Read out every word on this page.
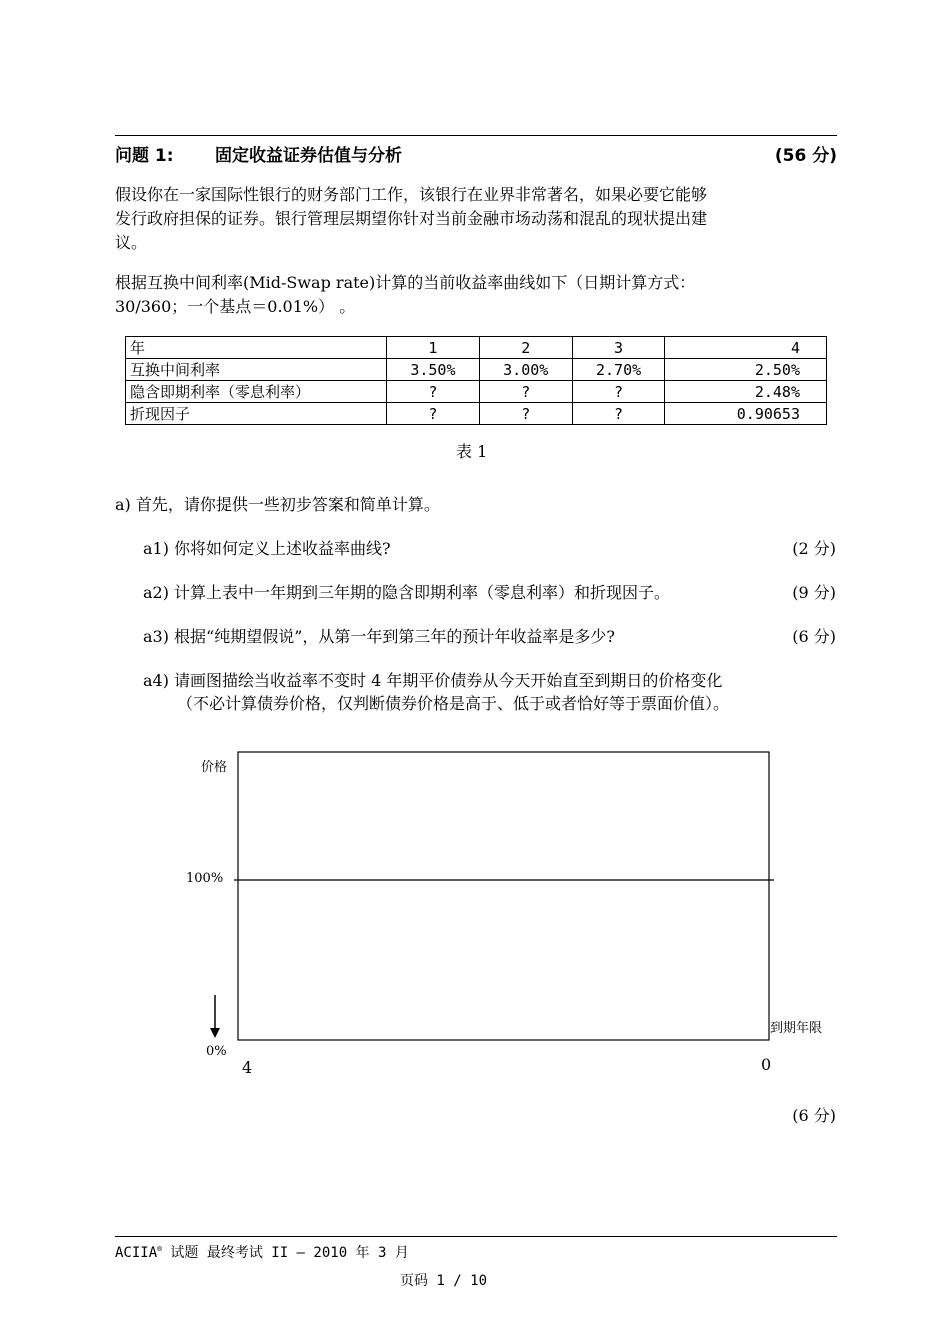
问题 1: 固定收益证券估值与分析	(56 分)
假设你在一家国际性银行的财务部门工作，该银行在业界非常著名，如果必要它能够
发行政府担保的证券。银行管理层期望你针对当前金融市场动荡和混乱的现状提出建
议。
根据互换中间利率(Mid-Swap rate)计算的当前收益率曲线如下（日期计算方式：
30/360；一个基点＝0.01%） 。
年	1	2	3	4
互换中间利率	3.50%	3.00%	2.70%	2.50%
隐含即期利率（零息利率）	?	?	?	2.48%
折现因子	?	?	?	0.90653
表 1
a) 首先，请你提供一些初步答案和简单计算。
a1) 你将如何定义上述收益率曲线?	(2 分)
a2) 计算上表中一年期到三年期的隐含即期利率（零息利率）和折现因子。	(9 分)
a3) 根据“纯期望假说”，从第一年到第三年的预计年收益率是多少?	(6 分)
a4) 请画图描绘当收益率不变时 4 年期平价债券从今天开始直至到期日的价格变化
（不必计算债券价格，仅判断债券价格是高于、低于或者恰好等于票面价值）。
价格
100%
0%
到期年限
4	0
(6 分)
ACIIA® 试题 最终考试 II – 2010 年 3 月
页码 1 / 10
